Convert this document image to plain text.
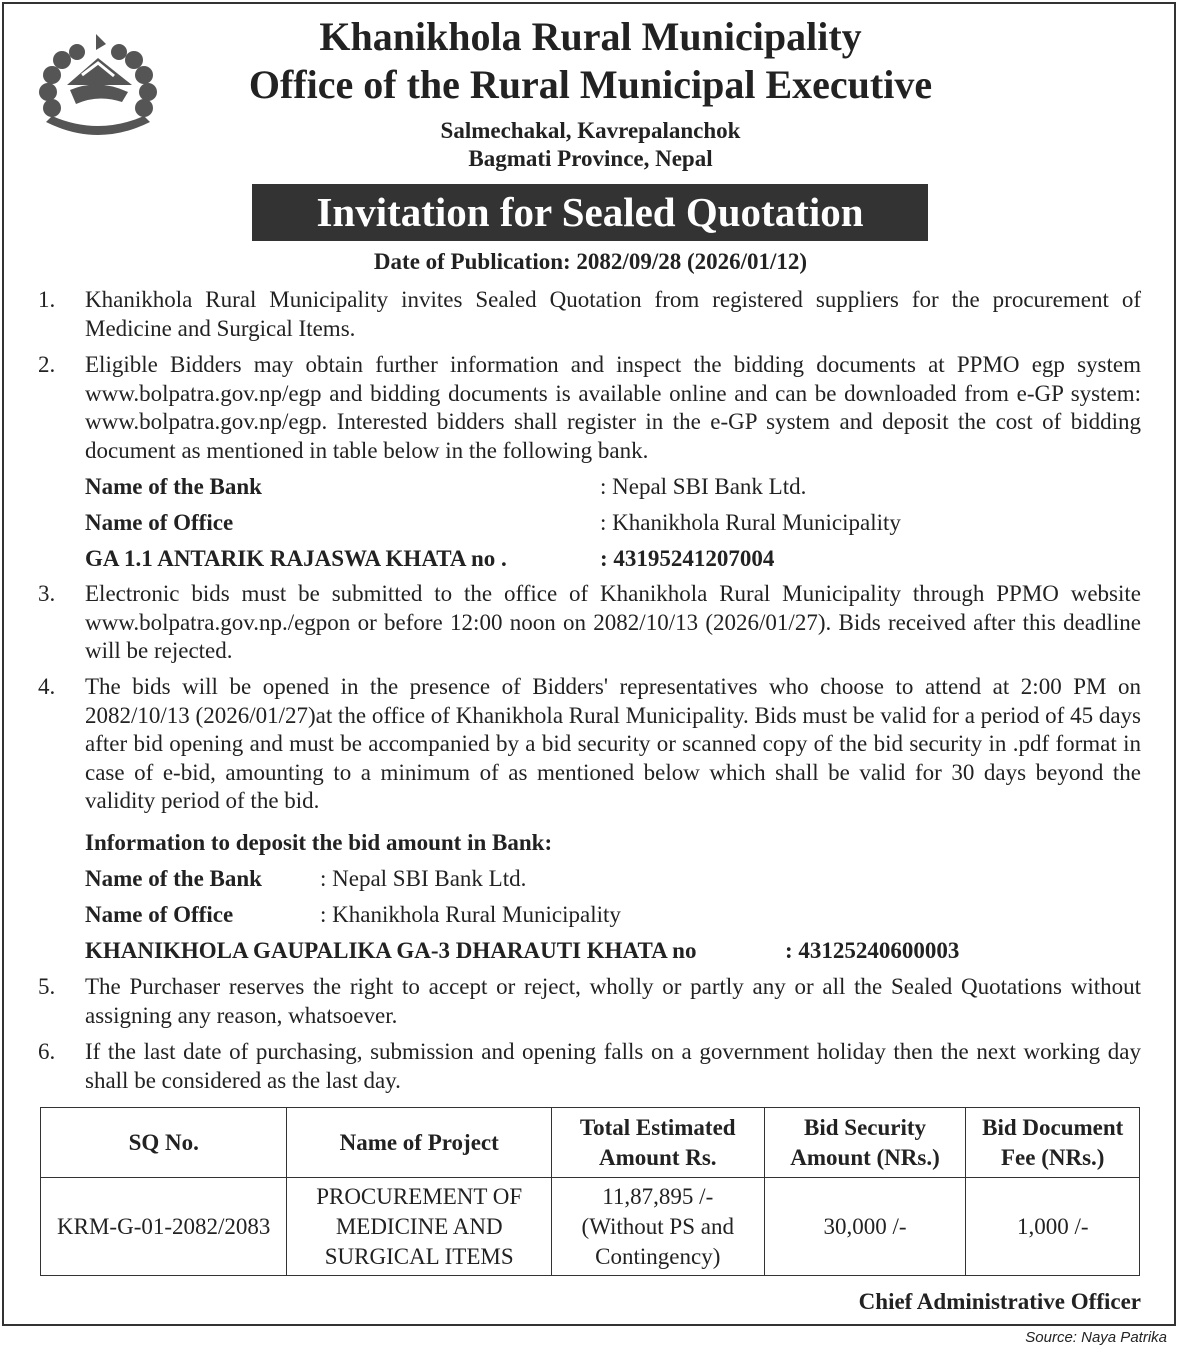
Khanikhola Rural Municipality
Office of the Rural Municipal Executive
Salmechakal, Kavrepalanchok
Bagmati Province, Nepal
Invitation for Sealed Quotation
Date of Publication: 2082/09/28 (2026/01/12)
1. Khanikhola Rural Municipality invites Sealed Quotation from registered suppliers for the procurement of Medicine and Surgical Items.
2. Eligible Bidders may obtain further information and inspect the bidding documents at PPMO egp system www.bolpatra.gov.np/egp and bidding documents is available online and can be downloaded from e-GP system: www.bolpatra.gov.np/egp. Interested bidders shall register in the e-GP system and deposit the cost of bidding document as mentioned in table below in the following bank.
Name of the Bank	: Nepal SBI Bank Ltd.
Name of Office	: Khanikhola Rural Municipality
GA 1.1 ANTARIK RAJASWA KHATA no .	: 43195241207004
3. Electronic bids must be submitted to the office of Khanikhola Rural Municipality through PPMO website www.bolpatra.gov.np./egpon or before 12:00 noon on 2082/10/13 (2026/01/27). Bids received after this deadline will be rejected.
4. The bids will be opened in the presence of Bidders' representatives who choose to attend at 2:00 PM on 2082/10/13 (2026/01/27)at the office of Khanikhola Rural Municipality. Bids must be valid for a period of 45 days after bid opening and must be accompanied by a bid security or scanned copy of the bid security in .pdf format in case of e-bid, amounting to a minimum of as mentioned below which shall be valid for 30 days beyond the validity period of the bid.
Information to deposit the bid amount in Bank:
Name of the Bank	: Nepal SBI Bank Ltd.
Name of Office	: Khanikhola Rural Municipality
KHANIKHOLA GAUPALIKA GA-3 DHARAUTI KHATA no	: 43125240600003
5. The Purchaser reserves the right to accept or reject, wholly or partly any or all the Sealed Quotations without assigning any reason, whatsoever.
6. If the last date of purchasing, submission and opening falls on a government holiday then the next working day shall be considered as the last day.
SQ No.	Name of Project	Total Estimated Amount Rs.	Bid Security Amount (NRs.)	Bid Document Fee (NRs.)
KRM-G-01-2082/2083	PROCUREMENT OF MEDICINE AND SURGICAL ITEMS	11,87,895 /- (Without PS and Contingency)	30,000 /-	1,000 /-
Chief Administrative Officer
Source: Naya Patrika
